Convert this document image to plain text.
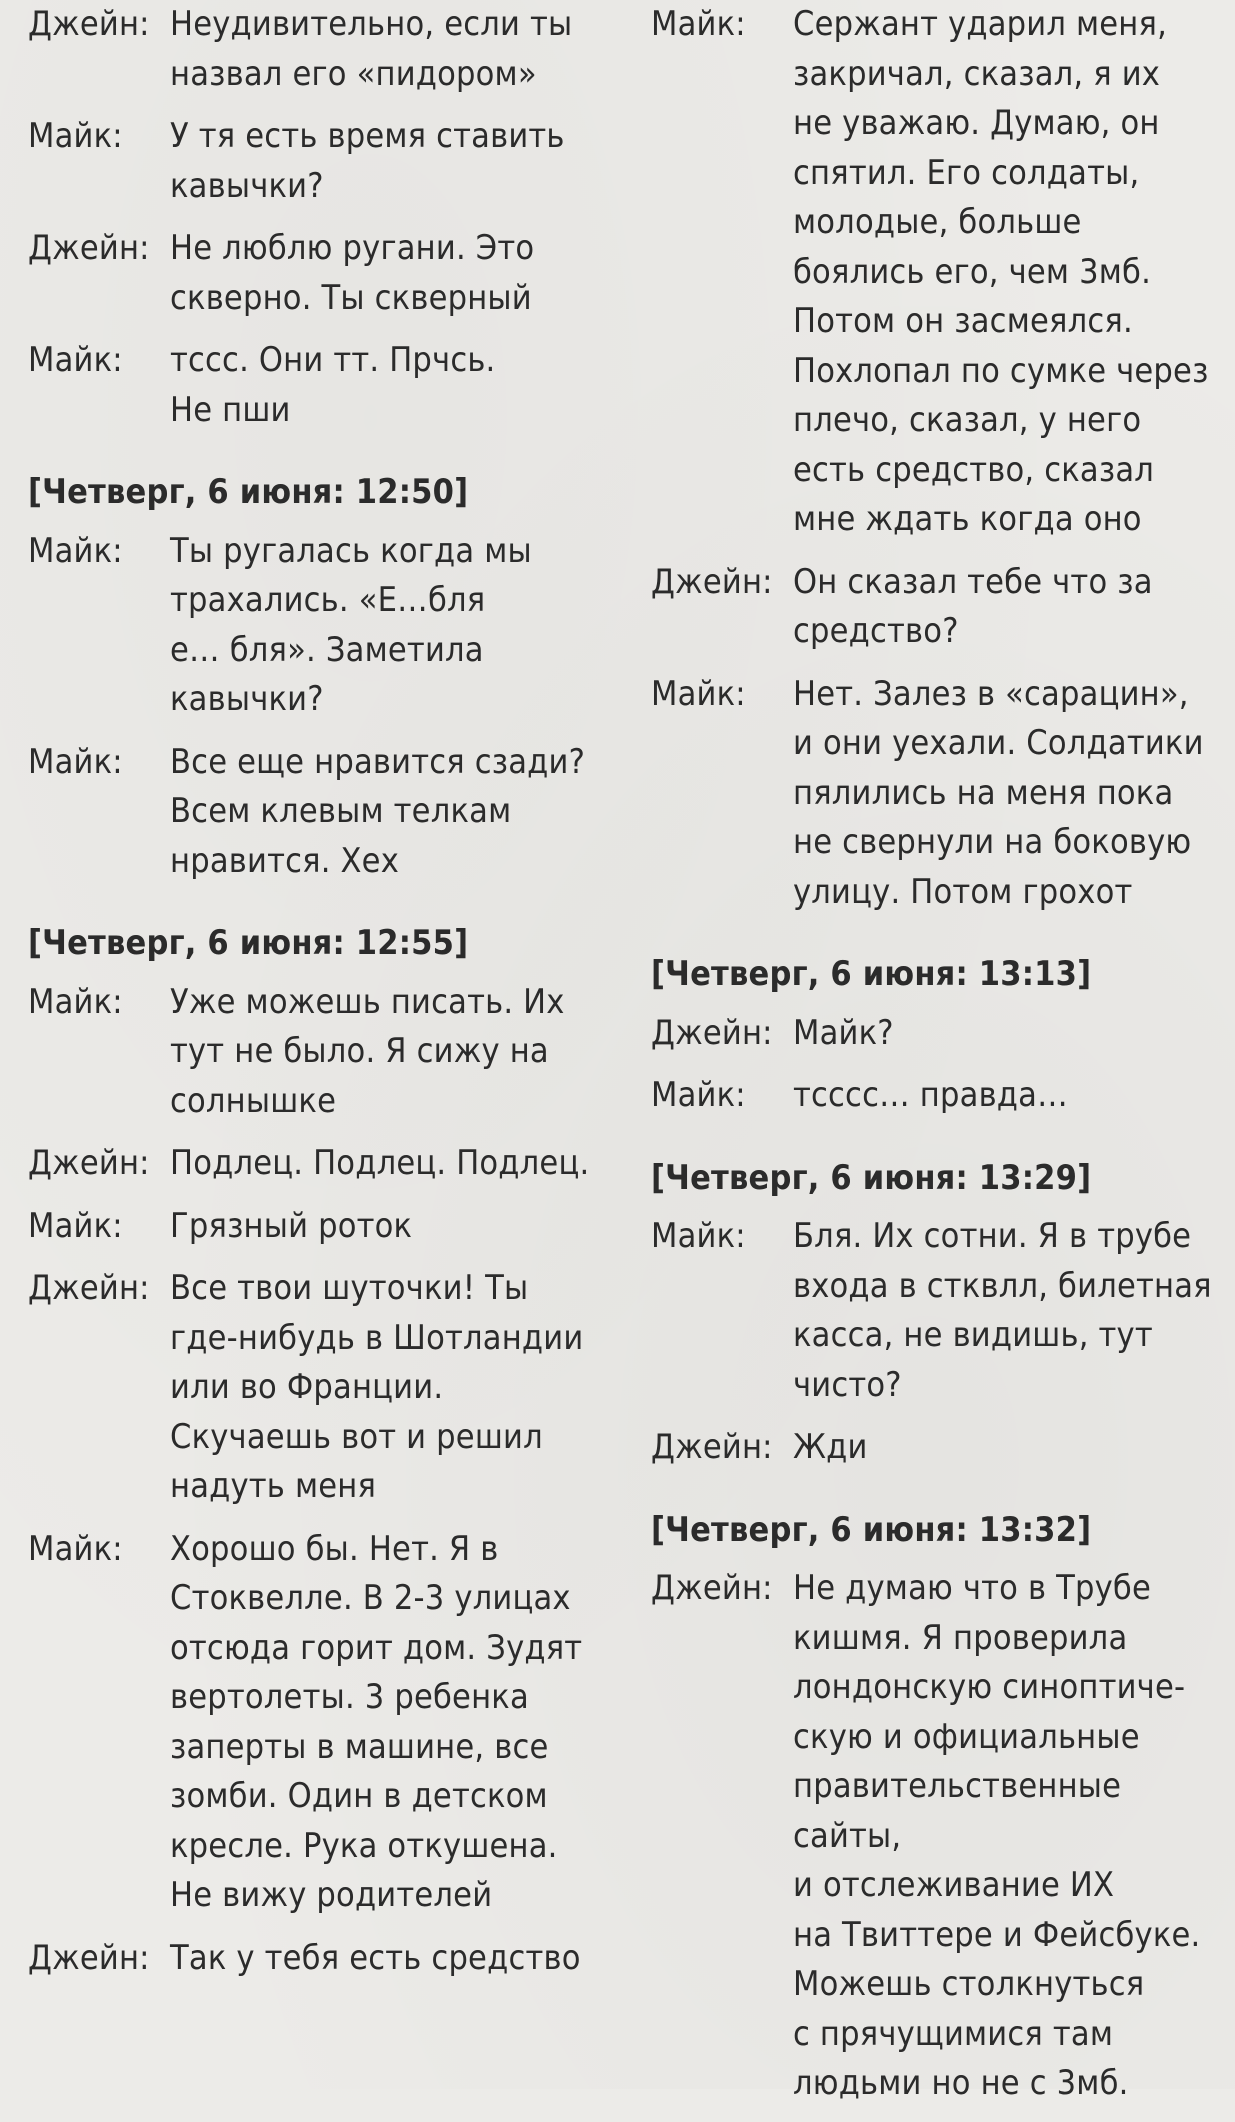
Джейн: Неудивительно, если ты
назвал его «пидором»
Майк:	У тя есть время ставить
кавычки?
Джейн: Не люблю ругани. Это
скверно. Ты скверный
Майк:	тссс. Они тт. Прчсь.
Не пши
[Четверг, 6 июня: 12:50]
Майк:	Ты ругалась когда мы
трахались. «Е…бля
е… бля». Заметила
кавычки?
Майк:	Все еще нравится сзади?
Всем клевым телкам
нравится. Хех
[Четверг, 6 июня: 12:55]
Майк:	Уже можешь писать. Их
тут не было. Я сижу на
солнышке
Джейн: Подлец. Подлец. Подлец.
Майк:	Грязный роток
Джейн: Все твои шуточки! Ты
где-нибудь в Шотландии
или во Франции.
Скучаешь вот и решил
надуть меня
Майк:	Хорошо бы. Нет. Я в
Стоквелле. В 2-3 улицах
отсюда горит дом. Зудят
вертолеты. 3 ребенка
заперты в машине, все
зомби. Один в детском
кресле. Рука откушена.
Не вижу родителей
Джейн: Так у тебя есть средство
Майк:	Сержант ударил меня,
закричал, сказал, я их
не уважаю. Думаю, он
спятил. Его солдаты,
молодые, больше
боялись его, чем 3мб.
Потом он засмеялся.
Похлопал по сумке через
плечо, сказал, у него
есть средство, сказал
мне ждать когда оно
Джейн: Он сказал тебе что за
средство?
Майк:	Нет. Залез в «сарацин»,
и они уехали. Солдатики
пялились на меня пока
не свернули на боковую
улицу. Потом грохот
[Четверг, 6 июня: 13:13]
Джейн: Майк?
Майк:	тсссс… правда…
[Четверг, 6 июня: 13:29]
Майк:	Бля. Их сотни. Я в трубе
входа в стквлл, билетная
касса, не видишь, тут
чисто?
Джейн: Жди
[Четверг, 6 июня: 13:32]
Джейн: Не думаю что в Трубе
кишмя. Я проверила
лондонскую синоптиче-
скую и официальные
правительственные сайты,
и отслеживание ИХ
на Твиттере и Фейсбуке.
Можешь столкнуться
с прячущимися там
людьми но не с 3мб.
